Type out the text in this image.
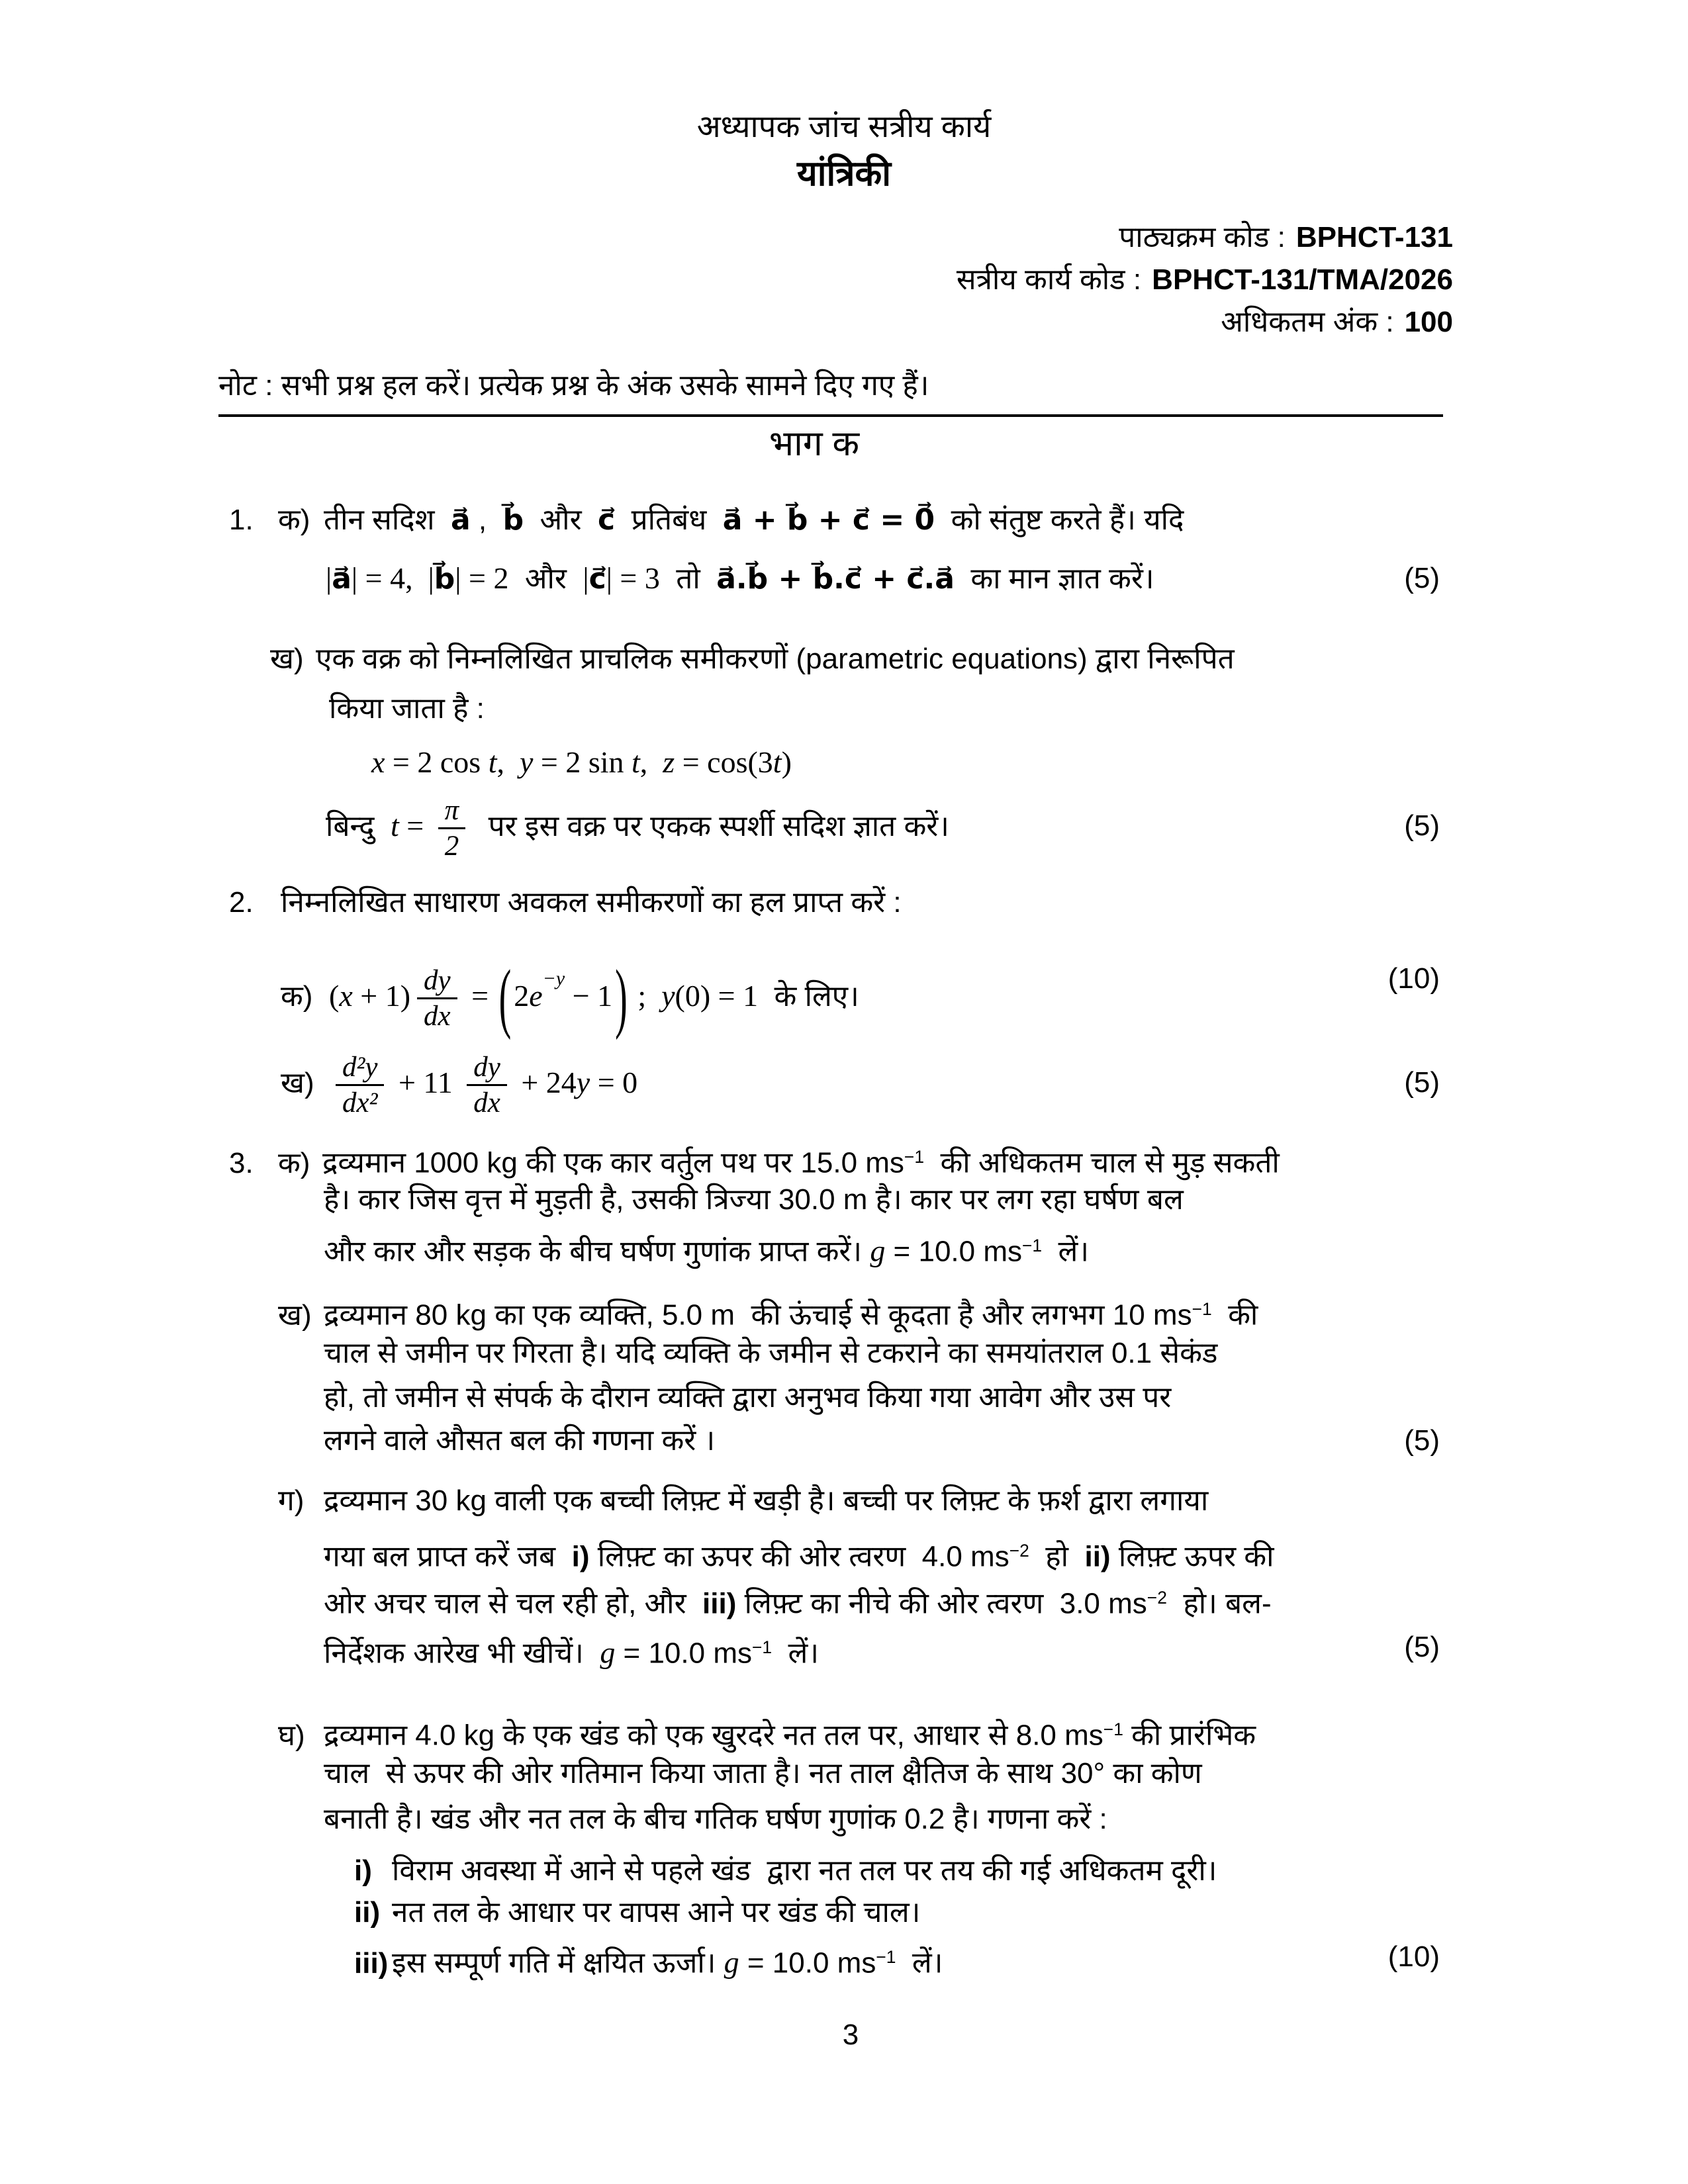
अध्यापक जांच सत्रीय कार्य
यांत्रिकी
पाठ्यक्रम कोड : BPHCT-131
सत्रीय कार्य कोड : BPHCT-131/TMA/2026
अधिकतम अंक : 100
नोट : सभी प्रश्न हल करें। प्रत्येक प्रश्न के अंक उसके सामने दिए गए हैं।
भाग क
1. क) तीन सदिश  a⃗ ,  b⃗  और  c⃗  प्रतिबंध  a⃗ + b⃗ + c⃗ = 0⃗  को संतुष्ट करते हैं। यदि
|a⃗| = 4,  |b⃗| = 2  और  |c⃗| = 3  तो  a⃗.b⃗ + b⃗.c⃗ + c⃗.a⃗  का मान ज्ञात करें।	(5)
ख) एक वक्र को निम्नलिखित प्राचलिक समीकरणों (parametric equations) द्वारा निरूपित
किया जाता है :
x = 2 cos t,  y = 2 sin t,  z = cos(3t)
बिन्दु  $t = \frac{\pi}{2}$ पर इस वक्र पर एकक स्पर्शी सदिश ज्ञात करें।	(5)
2. निम्नलिखित साधारण अवकल समीकरणों का हल प्राप्त करें :
क) $(x + 1) \frac{dy}{dx} = (2e^{-y} - 1)$ ;  y(0) = 1  के लिए।
(10)
ख) $\frac{\text{d²y}}{\text{dx²}} + 11 \frac{dy}{dx} + 24y = 0$	(5)
3. क) द्रव्यमान 1000 kg की एक कार वर्तुल पथ पर 15.0 $ms^{-1}$  की अधिकतम चाल से मुड़ सकती
है। कार जिस वृत्त में मुड़ती है, उसकी त्रिज्या 30.0 m है। कार पर लग रहा घर्षण बल
और कार और सड़क के बीच घर्षण गुणांक प्राप्त करें। g = 10.0 $ms^{-1}$  लें।
ख) द्रव्यमान 80 kg का एक व्यक्ति, 5.0 m  की ऊंचाई से कूदता है और लगभग 10 $ms^{-1}$  की
चाल से जमीन पर गिरता है। यदि व्यक्ति के जमीन से टकराने का समयांतराल 0.1 सेकंड
हो, तो जमीन से संपर्क के दौरान व्यक्ति द्वारा अनुभव किया गया आवेग और उस पर
लगने वाले औसत बल की गणना करें ।	(5)
ग) द्रव्यमान 30 kg वाली एक बच्ची लिफ़्ट में खड़ी है। बच्ची पर लिफ़्ट के फ़र्श द्वारा लगाया
गया बल प्राप्त करें जब  i) लिफ़्ट का ऊपर की ओर त्वरण  4.0 $ms^{-2}$  हो  ii) लिफ़्ट ऊपर की
ओर अचर चाल से चल रही हो, और  iii) लिफ़्ट का नीचे की ओर त्वरण  3.0 $ms^{-2}$  हो। बल-
निर्देशक आरेख भी खीचें।  g = 10.0 $ms^{-1}$  लें।	(5)
घ) द्रव्यमान 4.0 kg के एक खंड को एक खुरदरे नत तल पर, आधार से 8.0 $ms^{-1}$ की प्रारंभिक
चाल  से ऊपर की ओर गतिमान किया जाता है। नत ताल क्षैतिज के साथ 30° का कोण
बनाती है। खंड और नत तल के बीच गतिक घर्षण गुणांक 0.2 है। गणना करें :
i) विराम अवस्था में आने से पहले खंड  द्वारा नत तल पर तय की गई अधिकतम दूरी।
ii) नत तल के आधार पर वापस आने पर खंड की चाल।
iii) इस सम्पूर्ण गति में क्षयित ऊर्जा। g = 10.0 $ms^{-1}$  लें।	(10)
3
